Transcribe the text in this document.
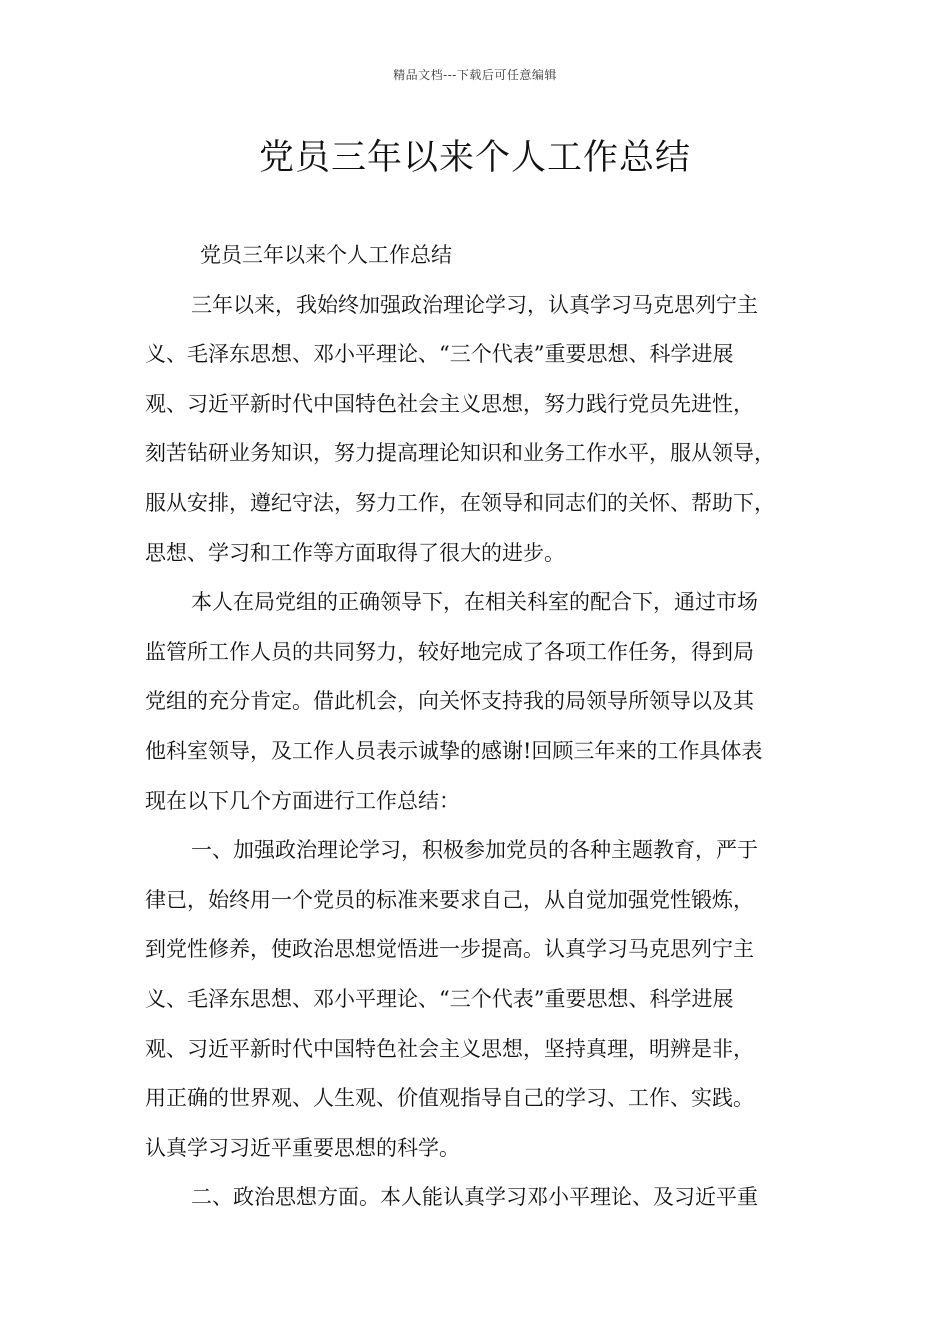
精品文档---下载后可任意编辑
党员三年以来个人工作总结

党员三年以来个人工作总结

三年以来，我始终加强政治理论学习，认真学习马克思列宁主
义、毛泽东思想、邓小平理论、“三个代表”重要思想、科学进展
观、习近平新时代中国特色社会主义思想，努力践行党员先进性，
刻苦钻研业务知识，努力提高理论知识和业务工作水平，服从领导，
服从安排，遵纪守法，努力工作，在领导和同志们的关怀、帮助下，
思想、学习和工作等方面取得了很大的进步。

本人在局党组的正确领导下，在相关科室的配合下，通过市场
监管所工作人员的共同努力，较好地完成了各项工作任务，得到局
党组的充分肯定。借此机会，向关怀支持我的局领导所领导以及其
他科室领导，及工作人员表示诚挚的感谢!回顾三年来的工作具体表
现在以下几个方面进行工作总结：

一、加强政治理论学习，积极参加党员的各种主题教育，严于
律已，始终用一个党员的标准来要求自己，从自觉加强党性锻炼，
到党性修养，使政治思想觉悟进一步提高。认真学习马克思列宁主
义、毛泽东思想、邓小平理论、“三个代表”重要思想、科学进展
观、习近平新时代中国特色社会主义思想，坚持真理，明辨是非，
用正确的世界观、人生观、价值观指导自己的学习、工作、实践。
认真学习习近平重要思想的科学。

二、政治思想方面。本人能认真学习邓小平理论、及习近平重
